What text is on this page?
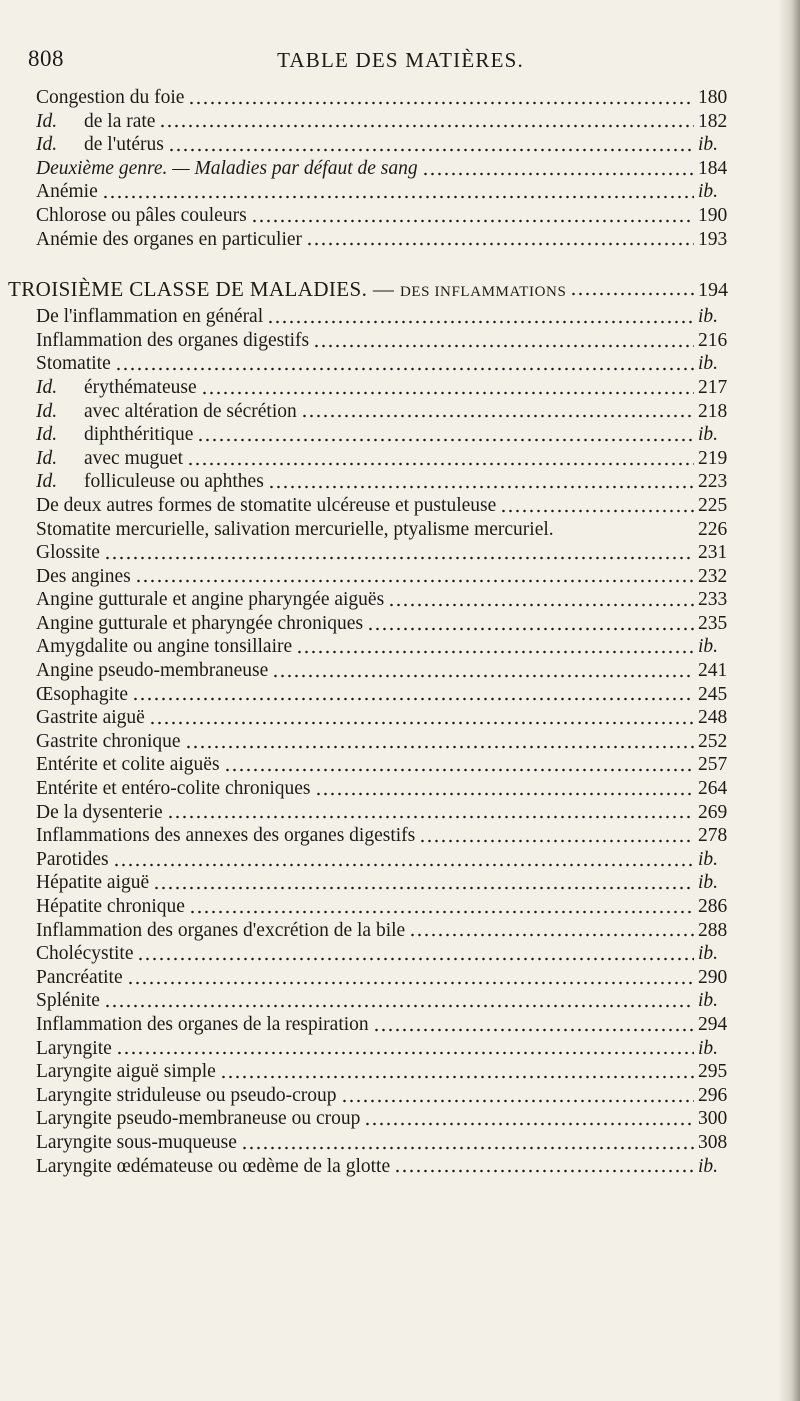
808	TABLE DES MATIÈRES.
Congestion du foie	180
Id. de la rate	182
Id. de l'utérus	ib.
Deuxième genre. — Maladies par défaut de sang	184
Anémie	ib.
Chlorose ou pâles couleurs	190
Anémie des organes en particulier	193
TROISIÈME CLASSE DE MALADIES. — DES INFLAMMATIONS	194
De l'inflammation en général	ib.
Inflammation des organes digestifs	216
Stomatite	ib.
Id. érythémateuse	217
Id. avec altération de sécrétion	218
Id. diphthéritique	ib.
Id. avec muguet	219
Id. folliculeuse ou aphthes	223
De deux autres formes de stomatite ulcéreuse et pustuleuse	225
Stomatite mercurielle, salivation mercurielle, ptyalisme mercuriel.	226
Glossite	231
Des angines	232
Angine gutturale et angine pharyngée aiguës	233
Angine gutturale et pharyngée chroniques	235
Amygdalite ou angine tonsillaire	ib.
Angine pseudo-membraneuse	241
Œsophagite	245
Gastrite aiguë	248
Gastrite chronique	252
Entérite et colite aiguës	257
Entérite et entéro-colite chroniques	264
De la dysenterie	269
Inflammations des annexes des organes digestifs	278
Parotides	ib.
Hépatite aiguë	ib.
Hépatite chronique	286
Inflammation des organes d'excrétion de la bile	288
Cholécystite	ib.
Pancréatite	290
Splénite	ib.
Inflammation des organes de la respiration	294
Laryngite	ib.
Laryngite aiguë simple	295
Laryngite striduleuse ou pseudo-croup	296
Laryngite pseudo-membraneuse ou croup	300
Laryngite sous-muqueuse	308
Laryngite œdémateuse ou œdème de la glotte	ib.
